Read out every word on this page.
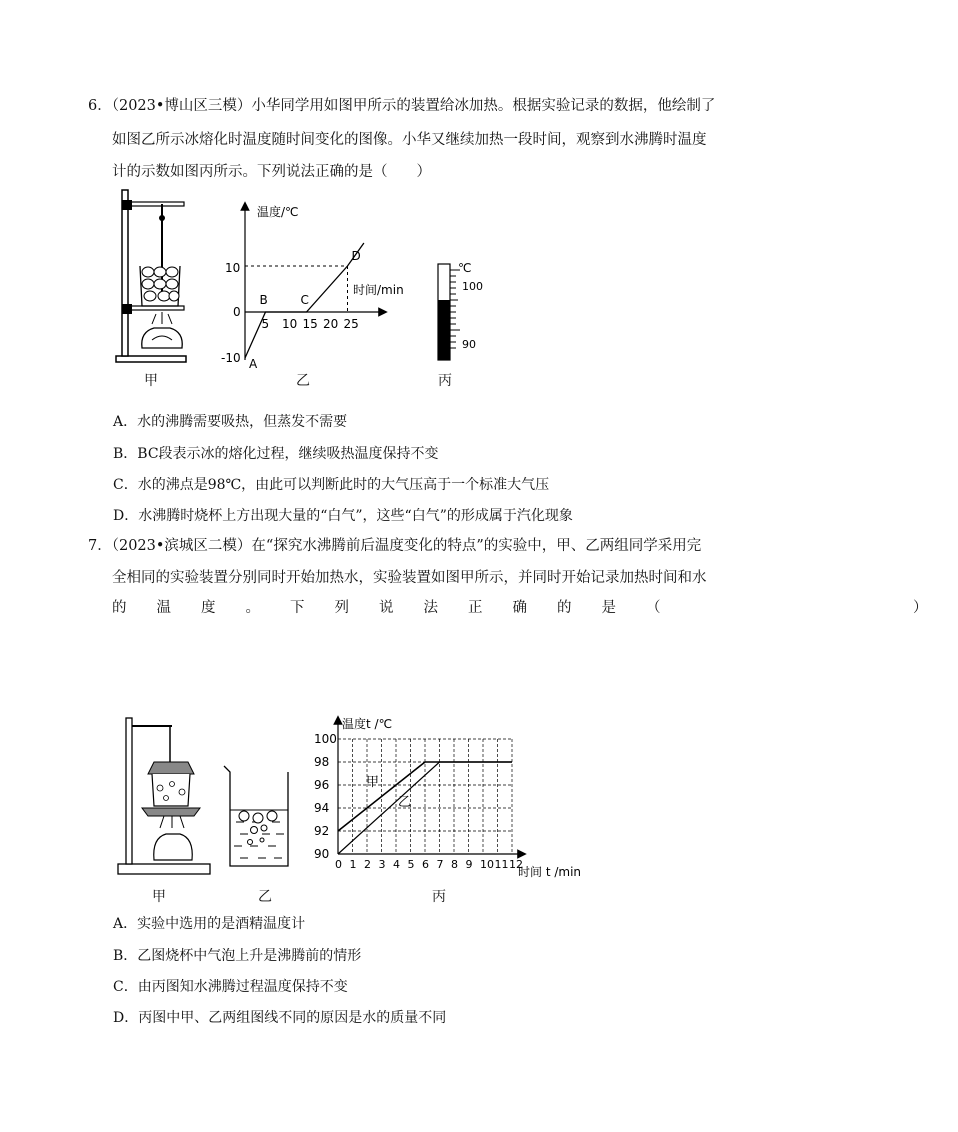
6．（2023•博山区三模）小华同学用如图甲所示的装置给冰加热。根据实验记录的数据，他绘制了
如图乙所示冰熔化时温度随时间变化的图像。小华又继续加热一段时间，观察到水沸腾时温度
计的示数如图丙所示。下列说法正确的是（　　）
甲
5 10 15 20 25
A
B	C
D
温度/℃
时间/min
10
0
-10
乙
℃
100
90
丙
A．水的沸腾需要吸热，但蒸发不需要
B．BC段表示冰的熔化过程，继续吸热温度保持不变
C．水的沸点是98℃，由此可以判断此时的大气压高于一个标准大气压
D．水沸腾时烧杯上方出现大量的“白气”，这些“白气”的形成属于汽化现象
7．（2023•滨城区二模）在“探究水沸腾前后温度变化的特点”的实验中，甲、乙两组同学采用完
全相同的实验装置分别同时开始加热水，实验装置如图甲所示，并同时开始记录加热时间和水
的温度。下列说法正确的是（　　　　　）
甲	乙
100
98
96
94
92
90
0 1 2 3 4 5 6 7 8 9 10 11 12
温度t /℃
时间 t /min
甲
乙
丙
A．实验中选用的是酒精温度计
B．乙图烧杯中气泡上升是沸腾前的情形
C．由丙图知水沸腾过程温度保持不变
D．丙图中甲、乙两组图线不同的原因是水的质量不同
